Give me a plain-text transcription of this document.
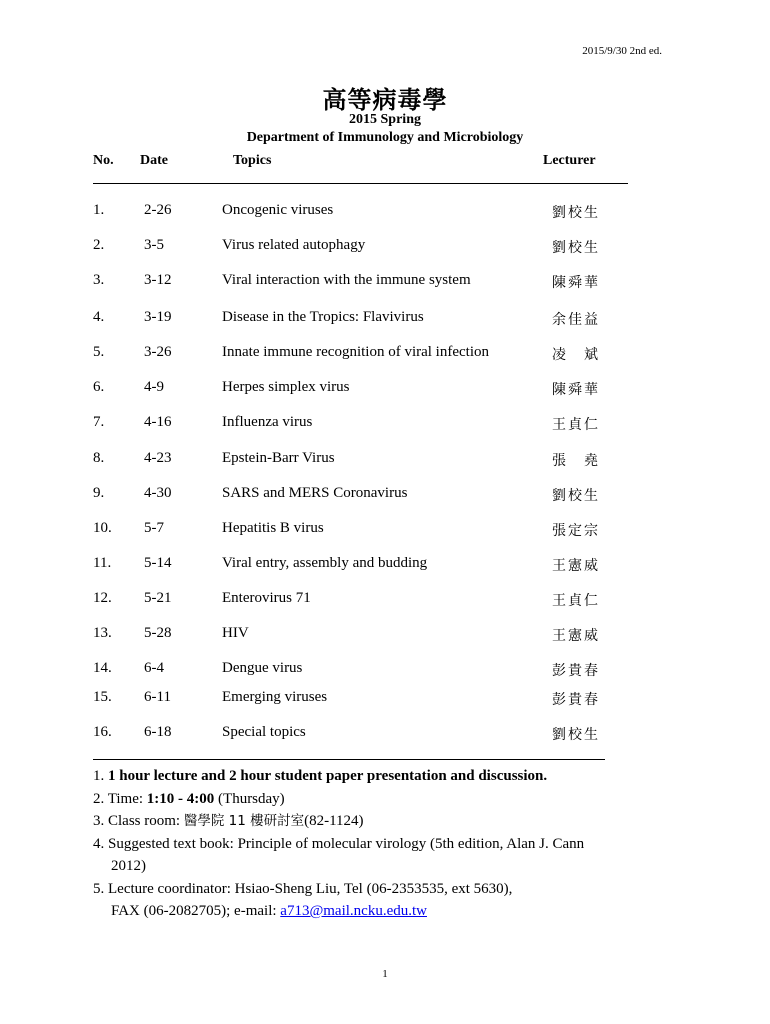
2015/9/30 2nd ed.
高等病毒學
2015 Spring
Department of Immunology and Microbiology
No. Date	Topics	Lecturer
1.	2-26	Oncogenic viruses	劉校生
2.	3-5	Virus related autophagy	劉校生
3.	3-12	Viral interaction with the immune system	陳舜華
4.	3-19	Disease in the Tropics: Flavivirus	余佳益
5.	3-26	Innate immune recognition of viral infection	凌　斌
6.	4-9	Herpes simplex virus	陳舜華
7.	4-16	Influenza virus	王貞仁
8.	4-23	Epstein-Barr Virus	張　堯
9.	4-30	SARS and MERS Coronavirus	劉校生
10. 5-7	Hepatitis B virus	張定宗
11. 5-14	Viral entry, assembly and budding	王憲威
12. 5-21	Enterovirus 71	王貞仁
13. 5-28	HIV	王憲威
14. 6-4	Dengue virus	彭貴春
15. 6-11	Emerging viruses	彭貴春
16. 6-18	Special topics	劉校生
1. 1 hour lecture and 2 hour student paper presentation and discussion.
2. Time: 1:10 - 4:00 (Thursday)
3. Class room: 醫學院 11 樓研討室(82-1124)
4. Suggested text book: Principle of molecular virology (5th edition, Alan J. Cann
2012)
5. Lecture coordinator: Hsiao-Sheng Liu, Tel (06-2353535, ext 5630),
FAX (06-2082705); e-mail: a713@mail.ncku.edu.tw
1
